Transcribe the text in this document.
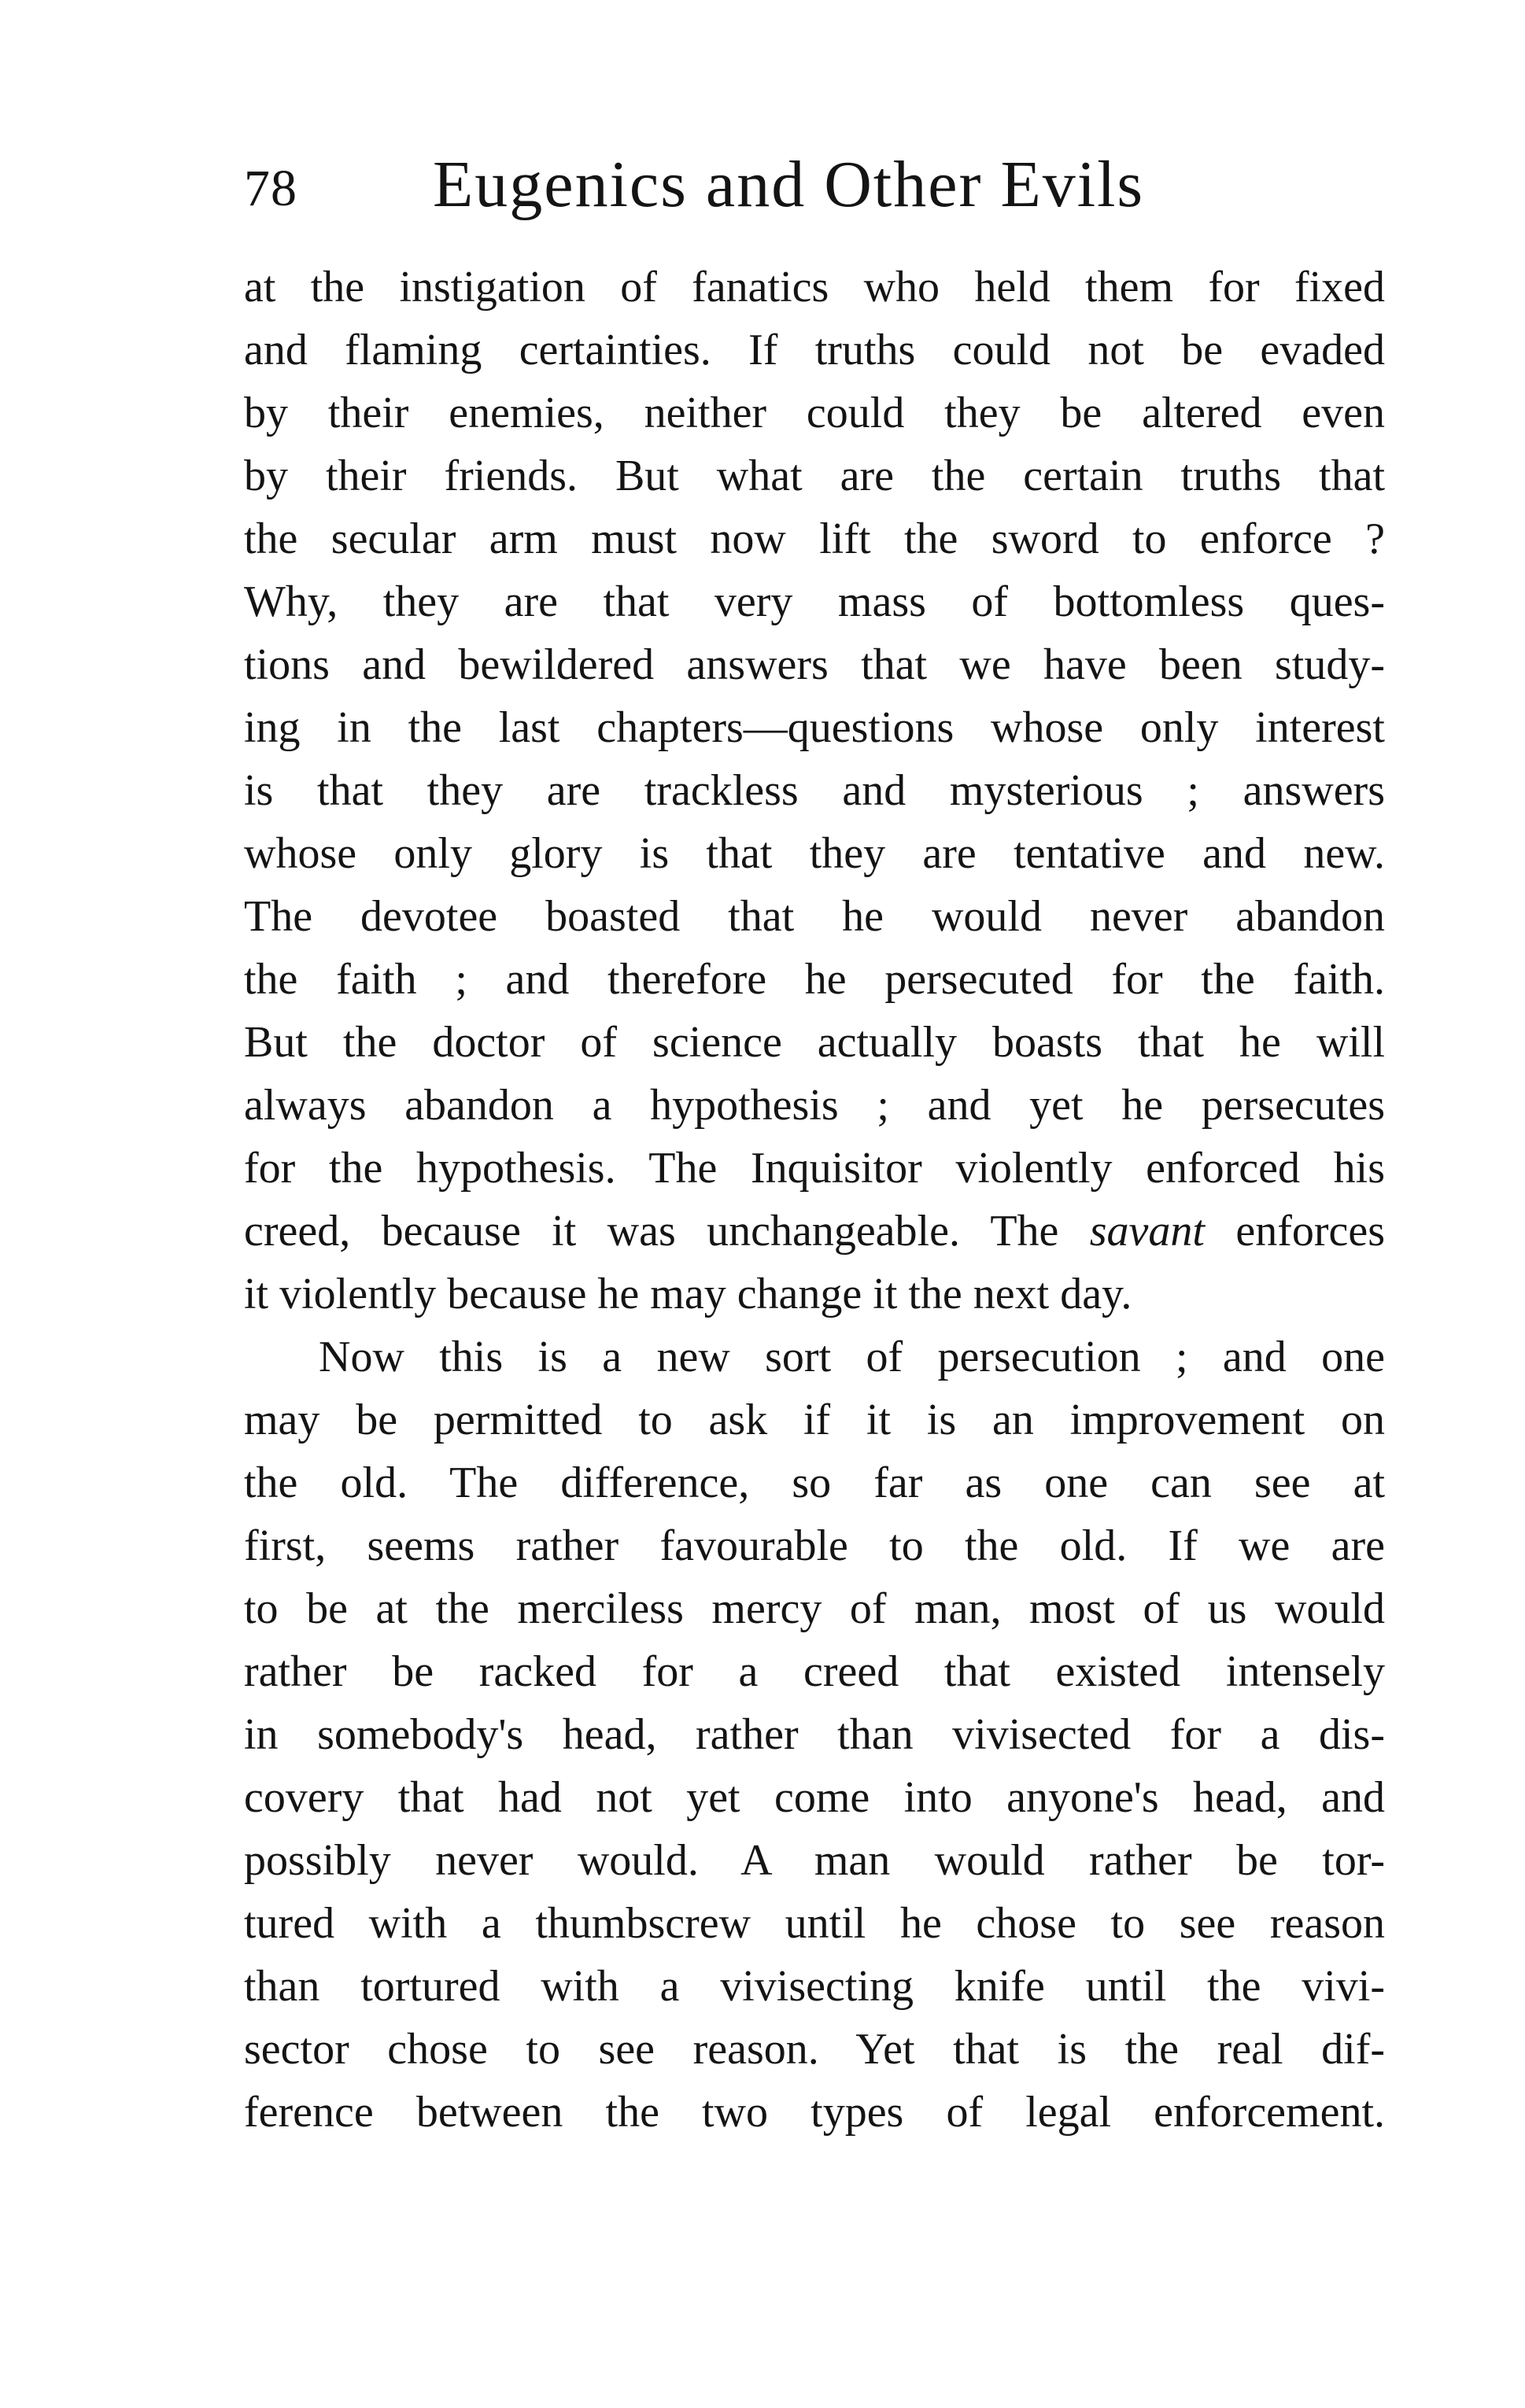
78 Eugenics and Other Evils
at the instigation of fanatics who held them for fixed
and flaming certainties. If truths could not be evaded
by their enemies, neither could they be altered even
by their friends. But what are the certain truths that
the secular arm must now lift the sword to enforce ?
Why, they are that very mass of bottomless ques-
tions and bewildered answers that we have been study-
ing in the last chapters—questions whose only interest
is that they are trackless and mysterious ; answers
whose only glory is that they are tentative and new.
The devotee boasted that he would never abandon
the faith ; and therefore he persecuted for the faith.
But the doctor of science actually boasts that he will
always abandon a hypothesis ; and yet he persecutes
for the hypothesis. The Inquisitor violently enforced his
creed, because it was unchangeable. The savant enforces
it violently because he may change it the next day.
Now this is a new sort of persecution ; and one
may be permitted to ask if it is an improvement on
the old. The difference, so far as one can see at
first, seems rather favourable to the old. If we are
to be at the merciless mercy of man, most of us would
rather be racked for a creed that existed intensely
in somebody's head, rather than vivisected for a dis-
covery that had not yet come into anyone's head, and
possibly never would. A man would rather be tor-
tured with a thumbscrew until he chose to see reason
than tortured with a vivisecting knife until the vivi-
sector chose to see reason. Yet that is the real dif-
ference between the two types of legal enforcement.
